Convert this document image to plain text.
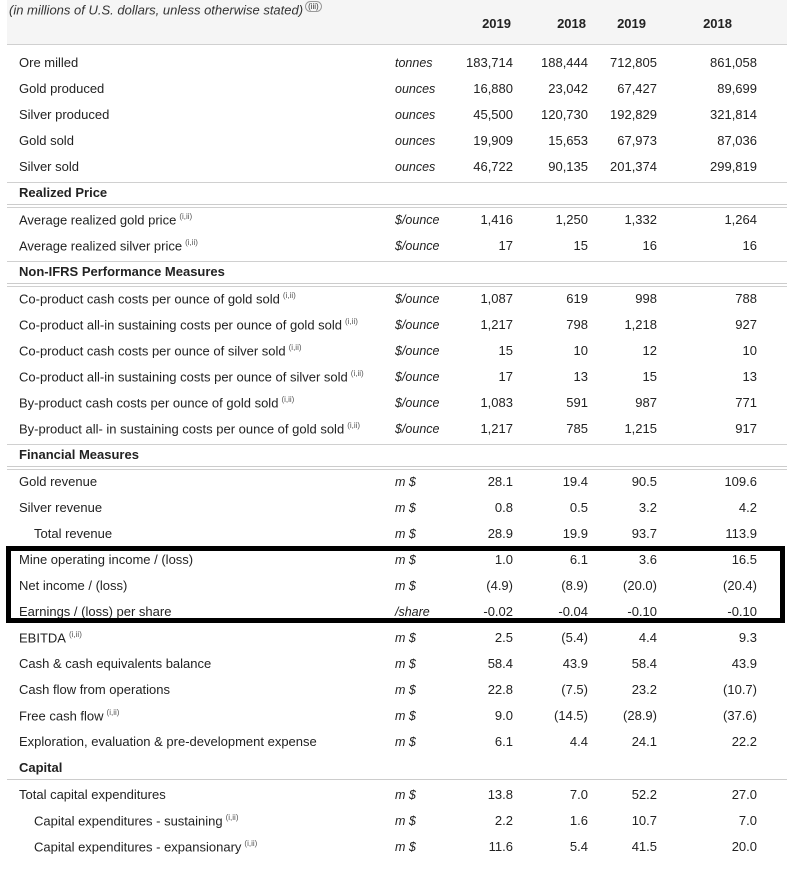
(in millions of U.S. dollars, unless otherwise stated) $^{(iii)}$
2019	2018	2019	2018
Ore milled	tonnes	183,714	188,444	712,805	861,058
Gold produced	ounces	16,880	23,042	67,427	89,699
Silver produced	ounces	45,500	120,730	192,829	321,814
Gold sold	ounces	19,909	15,653	67,973	87,036
Silver sold	ounces	46,722	90,135	201,374	299,819
Average realized gold price $^{(i,ii)}$	$/ounce	1,416	1,250	1,332	1,264
Average realized silver price $^{(i,ii)}$	$/ounce	17	15	16	16
Co-product cash costs per ounce of gold sold $^{(i,ii)}$	$/ounce	1,087	619	998	788
Co-product all-in sustaining costs per ounce of gold sold $^{(i,ii)}$	$/ounce	1,217	798	1,218	927
Co-product cash costs per ounce of silver sold $^{(i,ii)}$	$/ounce	15	10	12	10
Co-product all-in sustaining costs per ounce of silver sold $^{(i,ii)}$	$/ounce	17	13	15	13
By-product cash costs per ounce of gold sold $^{(i,ii)}$	$/ounce	1,083	591	987	771
By-product all- in sustaining costs per ounce of gold sold $^{(i,ii)}$	$/ounce	1,217	785	1,215	917
Gold revenue	m $	28.1	19.4	90.5	109.6
Silver revenue	m $	0.8	0.5	3.2	4.2
Total revenue	m $	28.9	19.9	93.7	113.9
Mine operating income / (loss)	m $	1.0	6.1	3.6	16.5
Net income / (loss)	m $	(4.9)	(8.9)	(20.0)	(20.4)
Earnings / (loss) per share	/share	-0.02	-0.04	-0.10	-0.10
EBITDA $^{(i,ii)}$	m $	2.5	(5.4)	4.4	9.3
Cash & cash equivalents balance	m $	58.4	43.9	58.4	43.9
Cash flow from operations	m $	22.8	(7.5)	23.2	(10.7)
Free cash flow $^{(i,ii)}$	m $	9.0	(14.5)	(28.9)	(37.6)
Exploration, evaluation & pre-development expense	m $	6.1	4.4	24.1	22.2
Total capital expenditures	m $	13.8	7.0	52.2	27.0
Capital expenditures - sustaining $^{(i,ii)}$	m $	2.2	1.6	10.7	7.0
Capital expenditures - expansionary $^{(i,ii)}$	m $	11.6	5.4	41.5	20.0
Realized Price
Non-IFRS Performance Measures
Financial Measures
Capital
